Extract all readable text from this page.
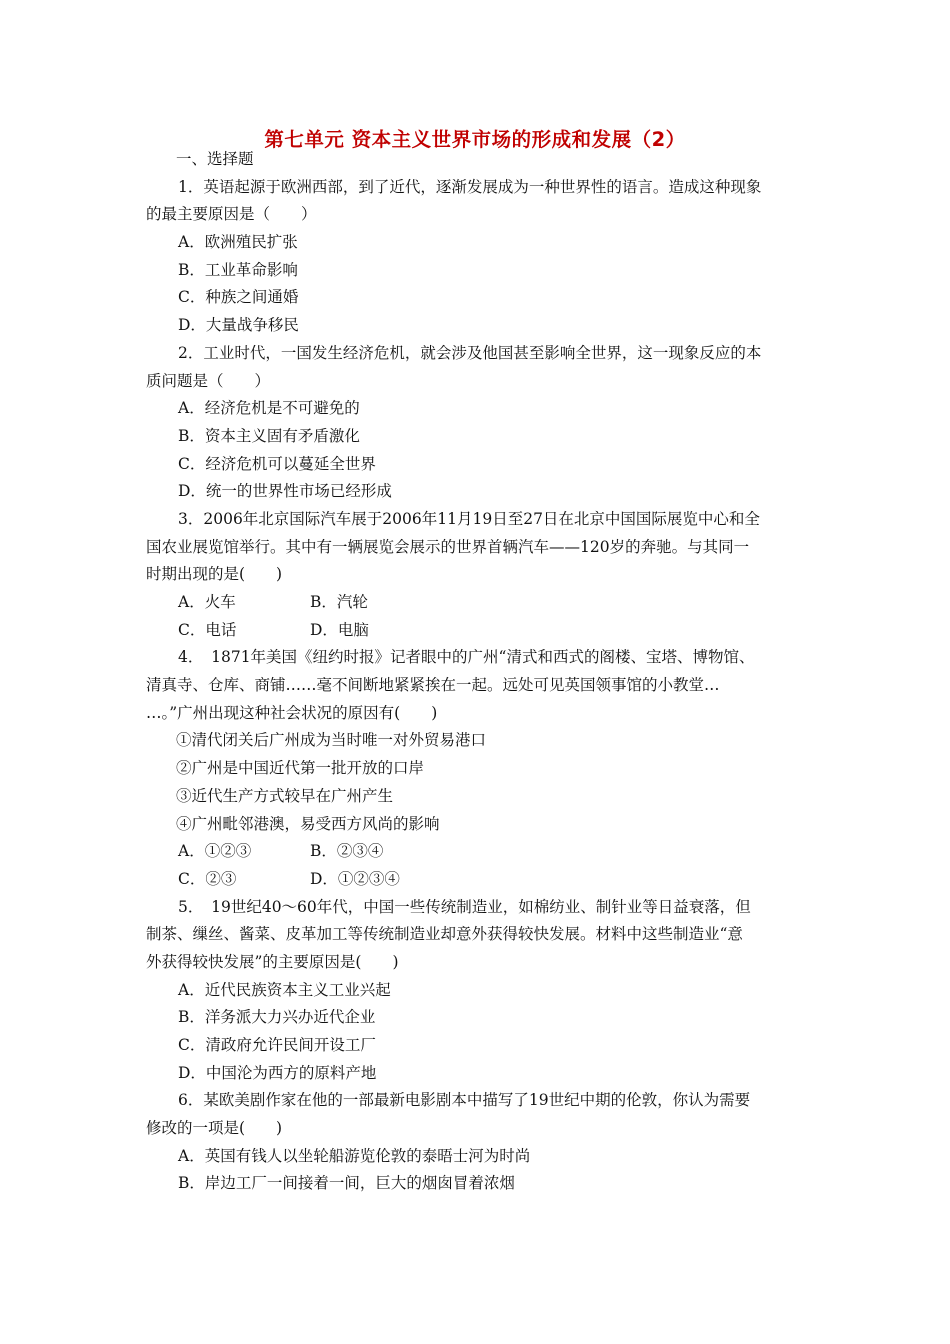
第七单元 资本主义世界市场的形成和发展（2）
一、选择题
1．英语起源于欧洲西部，到了近代，逐渐发展成为一种世界性的语言。造成这种现象
的最主要原因是（　　）
A．欧洲殖民扩张
B．工业革命影响
C．种族之间通婚
D．大量战争移民
2．工业时代，一国发生经济危机，就会涉及他国甚至影响全世界，这一现象反应的本
质问题是（　　）
A．经济危机是不可避免的
B．资本主义固有矛盾激化
C．经济危机可以蔓延全世界
D．统一的世界性市场已经形成
3．2006年北京国际汽车展于2006年11月19日至27日在北京中国国际展览中心和全
国农业展览馆举行。其中有一辆展览会展示的世界首辆汽车——120岁的奔驰。与其同一
时期出现的是(　　)
A．火车	B．汽轮
C．电话	D．电脑
4．　1871年美国《纽约时报》记者眼中的广州“清式和西式的阁楼、宝塔、博物馆、
清真寺、仓库、商铺……毫不间断地紧紧挨在一起。远处可见英国领事馆的小教堂…
…。”广州出现这种社会状况的原因有(　　)
①清代闭关后广州成为当时唯一对外贸易港口
②广州是中国近代第一批开放的口岸
③近代生产方式较早在广州产生
④广州毗邻港澳，易受西方风尚的影响
A．①②③	B．②③④
C．②③	D．①②③④
5．　19世纪40～60年代，中国一些传统制造业，如棉纺业、制针业等日益衰落，但
制茶、缫丝、酱菜、皮革加工等传统制造业却意外获得较快发展。材料中这些制造业“意
外获得较快发展”的主要原因是(　　)
A．近代民族资本主义工业兴起
B．洋务派大力兴办近代企业
C．清政府允许民间开设工厂
D．中国沦为西方的原料产地
6．某欧美剧作家在他的一部最新电影剧本中描写了19世纪中期的伦敦，你认为需要
修改的一项是(　　)
A．英国有钱人以坐轮船游览伦敦的泰晤士河为时尚
B．岸边工厂一间接着一间，巨大的烟囱冒着浓烟
